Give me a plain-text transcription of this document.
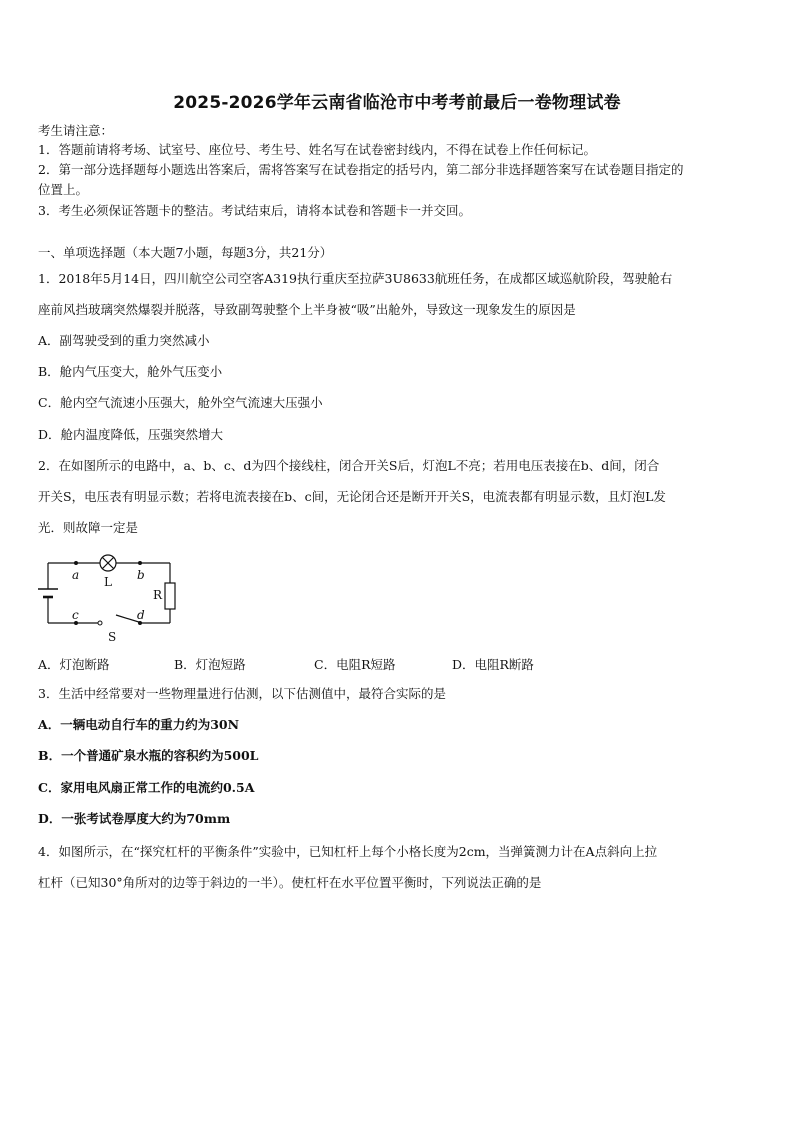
2025-2026学年云南省临沧市中考考前最后一卷物理试卷
考生请注意：
1．答题前请将考场、试室号、座位号、考生号、姓名写在试卷密封线内，不得在试卷上作任何标记。
2．第一部分选择题每小题选出答案后，需将答案写在试卷指定的括号内，第二部分非选择题答案写在试卷题目指定的
位置上。
3．考生必须保证答题卡的整洁。考试结束后，请将本试卷和答题卡一并交回。
一、单项选择题（本大题7小题，每题3分，共21分）
1．2018年5月14日，四川航空公司空客A319执行重庆至拉萨3U8633航班任务，在成都区域巡航阶段，驾驶舱右
座前风挡玻璃突然爆裂并脱落，导致副驾驶整个上半身被“吸”出舱外，导致这一现象发生的原因是
A．副驾驶受到的重力突然减小
B．舱内气压变大，舱外气压变小
C．舱内空气流速小压强大，舱外空气流速大压强小
D．舱内温度降低，压强突然增大
2．在如图所示的电路中，a、b、c、d为四个接线柱，闭合开关S后，灯泡L不亮；若用电压表接在b、d间，闭合
开关S，电压表有明显示数；若将电流表接在b、c间，无论闭合还是断开开关S，电流表都有明显示数，且灯泡L发
光．则故障一定是
a	b
c	d
L
R
S
A．灯泡断路	B．灯泡短路	C．电阻R短路	D．电阻R断路
3．生活中经常要对一些物理量进行估测，以下估测值中，最符合实际的是
A．一辆电动自行车的重力约为30N
B．一个普通矿泉水瓶的容积约为500L
C．家用电风扇正常工作的电流约0.5A
D．一张考试卷厚度大约为70mm
4．如图所示，在“探究杠杆的平衡条件”实验中，已知杠杆上每个小格长度为2cm，当弹簧测力计在A点斜向上拉
杠杆（已知30°角所对的边等于斜边的一半）。使杠杆在水平位置平衡时，下列说法正确的是
